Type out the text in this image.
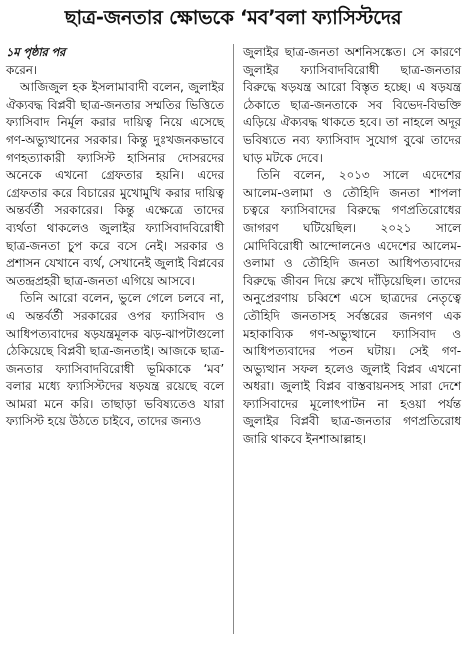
ছাত্র-জনতার ক্ষোভকে ‘মব’বলা ফ্যাসিস্টদের

১ম পৃষ্ঠার পর

করেন।

আজিজুল হক ইসলামাবাদী বলেন, জুলাইর ঐক্যবদ্ধ বিপ্লবী ছাত্র-জনতার সম্মতির ভিত্তিতে ফ্যাসিবাদ নির্মূল করার দায়িত্ব নিয়ে এসেছে গণ-অভ্যুত্থানের সরকার। কিন্তু দুঃখজনকভাবে গণহত্যাকারী ফ্যাসিস্ট হাসিনার দোসরদের অনেকে এখনো গ্রেফতার হয়নি। এদের গ্রেফতার করে বিচারের মুখোমুখি করার দায়িত্ব অন্তর্বর্তী সরকারের। কিন্তু এক্ষেত্রে তাদের ব্যর্থতা থাকলেও জুলাইর ফ্যাসিবাদবিরোধী ছাত্র-জনতা চুপ করে বসে নেই। সরকার ও প্রশাসন যেখানে ব্যর্থ, সেখানেই জুলাই বিপ্লবের অতন্দ্রপ্রহরী ছাত্র-জনতা এগিয়ে আসবে।

তিনি আরো বলেন, ভুলে গেলে চলবে না, এ অন্তর্বর্তী সরকারের ওপর ফ্যাসিবাদ ও আধিপত্যবাদের ষড়যন্ত্রমূলক ঝড়-ঝাপটাগুলো ঠেকিয়েছে বিপ্লবী ছাত্র-জনতাই। আজকে ছাত্র-জনতার ফ্যাসিবাদবিরোধী ভূমিকাকে ‘মব’ বলার মধ্যে ফ্যাসিস্টদের ষড়যন্ত্র রয়েছে বলে আমরা মনে করি। তাছাড়া ভবিষ্যতেও যারা ফ্যাসিস্ট হয়ে উঠতে চাইবে, তাদের জন্যও

জুলাইর ছাত্র-জনতা অশনিসঙ্কেত। সে কারণে জুলাইর ফ্যাসিবাদবিরোধী ছাত্র-জনতার বিরুদ্ধে ষড়যন্ত্র আরো বিস্তৃত হচ্ছে। এ ষড়যন্ত্র ঠেকাতে ছাত্র-জনতাকে সব বিভেদ-বিভক্তি এড়িয়ে ঐক্যবদ্ধ থাকতে হবে। তা নাহলে অদূর ভবিষ্যতে নব্য ফ্যাসিবাদ সুযোগ বুঝে তাদের ঘাড় মটকে দেবে।

তিনি বলেন, ২০১৩ সালে এদেশের আলেম-ওলামা ও তৌহিদি জনতা শাপলা চত্বরে ফ্যাসিবাদের বিরুদ্ধে গণপ্রতিরোধের জাগরণ ঘটিয়েছিল। ২০২১ সালে মোদিবিরোধী আন্দোলনেও এদেশের আলেম-ওলামা ও তৌহিদি জনতা আধিপত্যবাদের বিরুদ্ধে জীবন দিয়ে রুখে দাঁড়িয়েছিল। তাদের অনুপ্রেরণায় চব্বিশে এসে ছাত্রদের নেতৃত্বে তৌহিদি জনতাসহ সর্বস্তরের জনগণ এক মহাকাব্যিক গণ-অভ্যুত্থানে ফ্যাসিবাদ ও আধিপত্যবাদের পতন ঘটায়। সেই গণ-অভ্যুত্থান সফল হলেও জুলাই বিপ্লব এখনো অধরা। জুলাই বিপ্লব বাস্তবায়নসহ সারা দেশে ফ্যাসিবাদের মূলোৎপাটন না হওয়া পর্যন্ত জুলাইর বিপ্লবী ছাত্র-জনতার গণপ্রতিরোধ জারি থাকবে ইনশাআল্লাহ।
